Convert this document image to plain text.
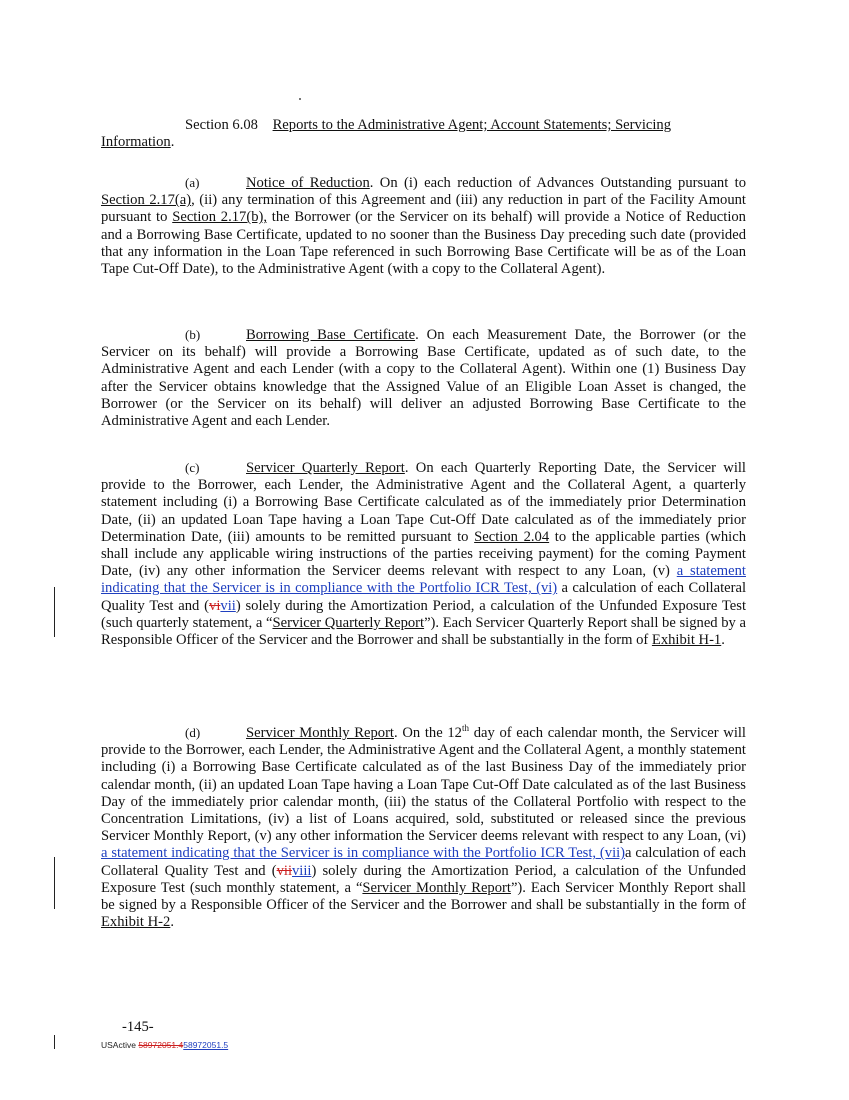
Section 6.08 Reports to the Administrative Agent; Account Statements; Servicing Information.
(a)	Notice of Reduction. On (i) each reduction of Advances Outstanding pursuant to Section 2.17(a), (ii) any termination of this Agreement and (iii) any reduction in part of the Facility Amount pursuant to Section 2.17(b), the Borrower (or the Servicer on its behalf) will provide a Notice of Reduction and a Borrowing Base Certificate, updated to no sooner than the Business Day preceding such date (provided that any information in the Loan Tape referenced in such Borrowing Base Certificate will be as of the Loan Tape Cut-Off Date), to the Administrative Agent (with a copy to the Collateral Agent).
(b)	Borrowing Base Certificate. On each Measurement Date, the Borrower (or the Servicer on its behalf) will provide a Borrowing Base Certificate, updated as of such date, to the Administrative Agent and each Lender (with a copy to the Collateral Agent). Within one (1) Business Day after the Servicer obtains knowledge that the Assigned Value of an Eligible Loan Asset is changed, the Borrower (or the Servicer on its behalf) will deliver an adjusted Borrowing Base Certificate to the Administrative Agent and each Lender.
(c)	Servicer Quarterly Report. On each Quarterly Reporting Date, the Servicer will provide to the Borrower, each Lender, the Administrative Agent and the Collateral Agent, a quarterly statement including (i) a Borrowing Base Certificate calculated as of the immediately prior Determination Date, (ii) an updated Loan Tape having a Loan Tape Cut-Off Date calculated as of the immediately prior Determination Date, (iii) amounts to be remitted pursuant to Section 2.04 to the applicable parties (which shall include any applicable wiring instructions of the parties receiving payment) for the coming Payment Date, (iv) any other information the Servicer deems relevant with respect to any Loan, (v) a statement indicating that the Servicer is in compliance with the Portfolio ICR Test, (vi) a calculation of each Collateral Quality Test and (vivii) solely during the Amortization Period, a calculation of the Unfunded Exposure Test (such quarterly statement, a “Servicer Quarterly Report”). Each Servicer Quarterly Report shall be signed by a Responsible Officer of the Servicer and the Borrower and shall be substantially in the form of Exhibit H-1.
(d)	Servicer Monthly Report. On the 12th day of each calendar month, the Servicer will provide to the Borrower, each Lender, the Administrative Agent and the Collateral Agent, a monthly statement including (i) a Borrowing Base Certificate calculated as of the last Business Day of the immediately prior calendar month, (ii) an updated Loan Tape having a Loan Tape Cut-Off Date calculated as of the last Business Day of the immediately prior calendar month, (iii) the status of the Collateral Portfolio with respect to the Concentration Limitations, (iv) a list of Loans acquired, sold, substituted or released since the previous Servicer Monthly Report, (v) any other information the Servicer deems relevant with respect to any Loan, (vi) a statement indicating that the Servicer is in compliance with the Portfolio ICR Test, (vii)a calculation of each Collateral Quality Test and (viiviii) solely during the Amortization Period, a calculation of the Unfunded Exposure Test (such monthly statement, a “Servicer Monthly Report”). Each Servicer Monthly Report shall be signed by a Responsible Officer of the Servicer and the Borrower and shall be substantially in the form of Exhibit H-2.
-145-
USActive 58972051.458972051.5
